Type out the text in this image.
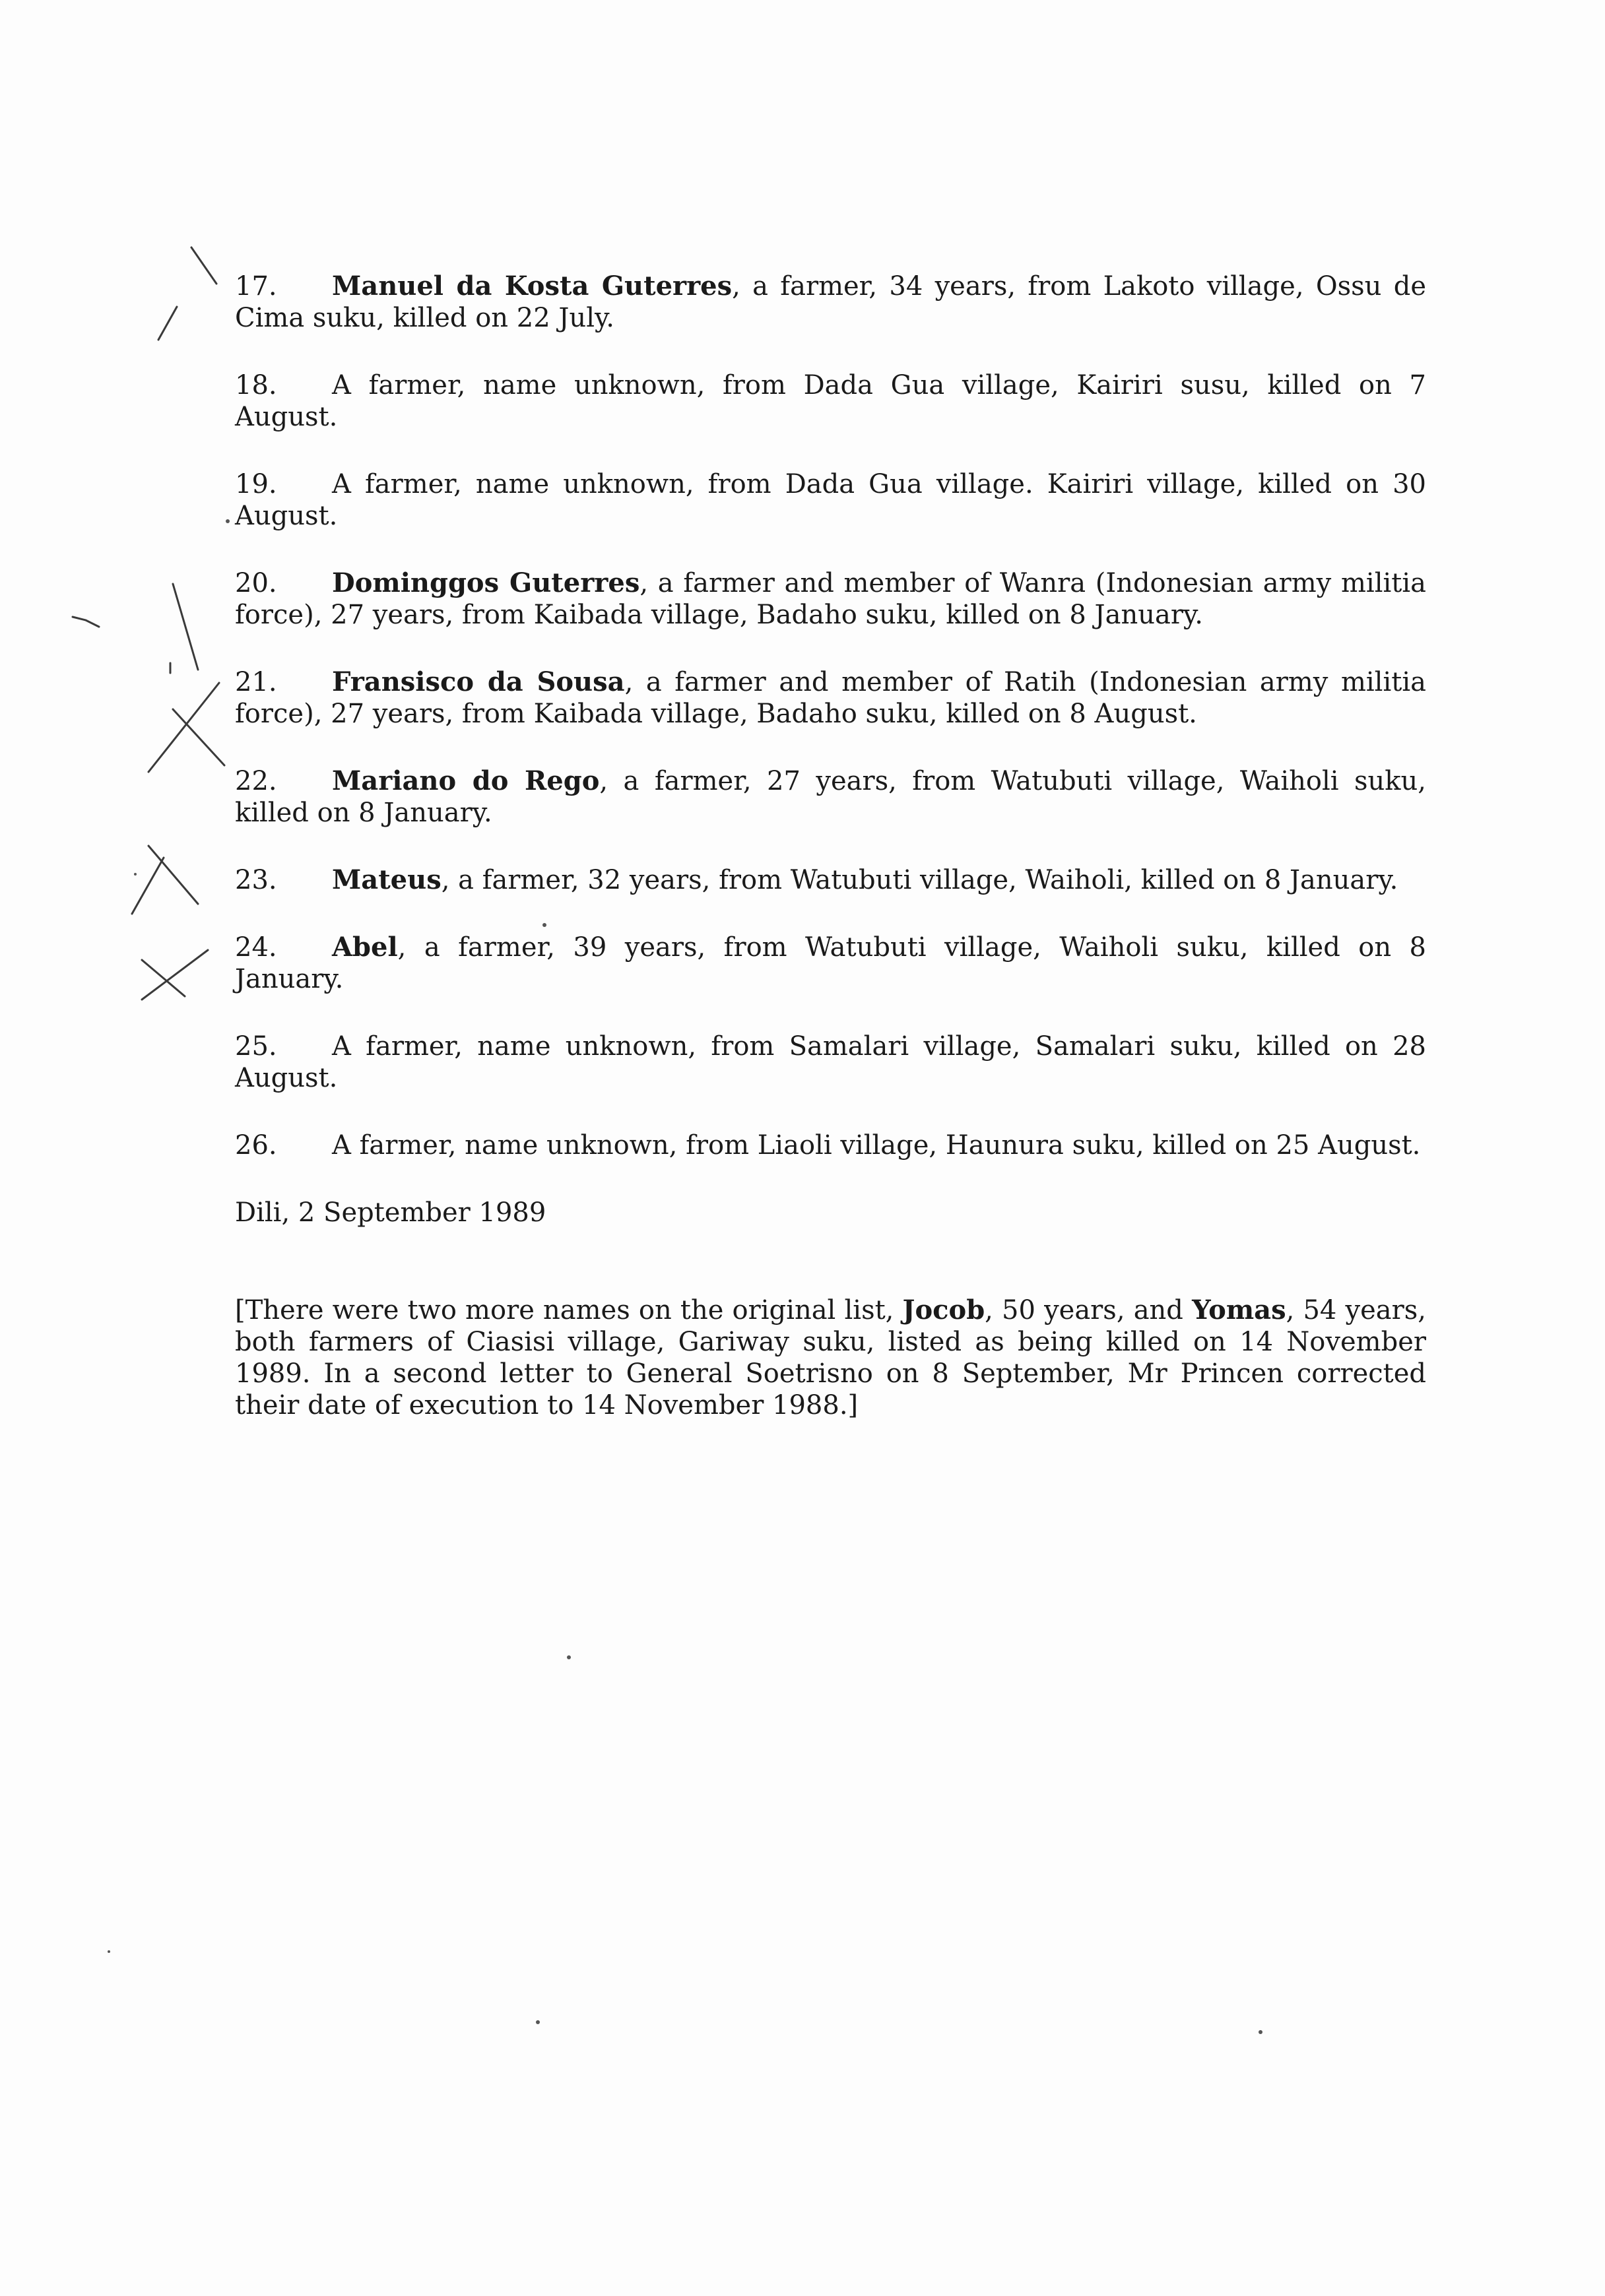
17. Manuel da Kosta Guterres, a farmer, 34 years, from Lakoto village, Ossu de Cima suku, killed on 22 July.
18. A farmer, name unknown, from Dada Gua village, Kairiri susu, killed on 7 August.
19. A farmer, name unknown, from Dada Gua village. Kairiri village, killed on 30 August.
20. Dominggos Guterres, a farmer and member of Wanra (Indonesian army militia force), 27 years, from Kaibada village, Badaho suku, killed on 8 January.
21. Fransisco da Sousa, a farmer and member of Ratih (Indonesian army militia force), 27 years, from Kaibada village, Badaho suku, killed on 8 August.
22. Mariano do Rego, a farmer, 27 years, from Watubuti village, Waiholi suku, killed on 8 January.
23. Mateus, a farmer, 32 years, from Watubuti village, Waiholi, killed on 8 January.
24. Abel, a farmer, 39 years, from Watubuti village, Waiholi suku, killed on 8 January.
25. A farmer, name unknown, from Samalari village, Samalari suku, killed on 28 August.
26. A farmer, name unknown, from Liaoli village, Haunura suku, killed on 25 August.
Dili, 2 September 1989

[There were two more names on the original list, Jocob, 50 years, and Yomas, 54 years, both farmers of Ciasisi village, Gariway suku, listed as being killed on 14 November 1989. In a second letter to General Soetrisno on 8 September, Mr Princen corrected their date of execution to 14 November 1988.]
